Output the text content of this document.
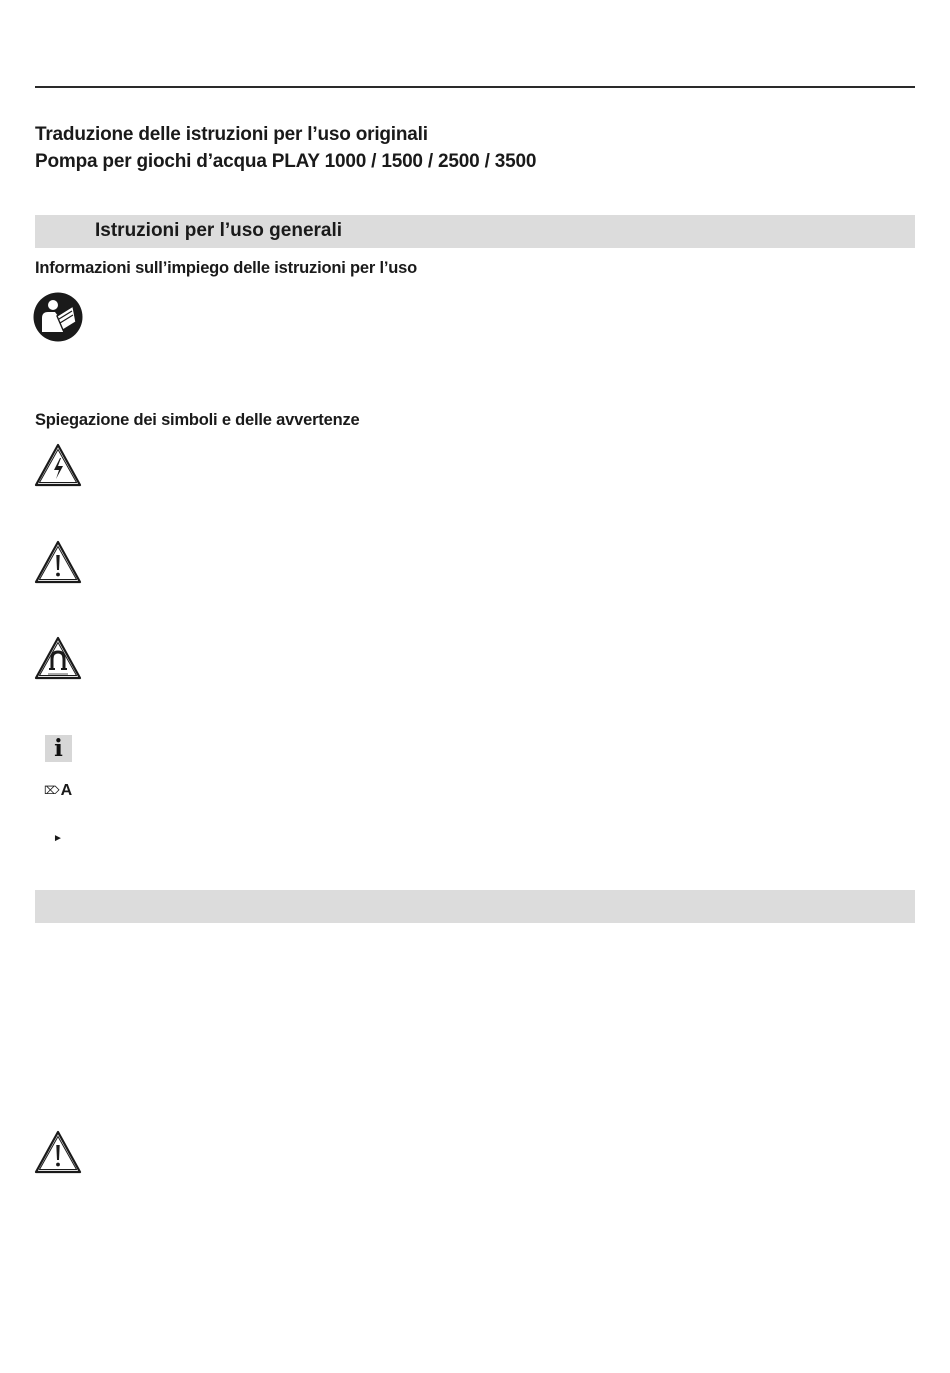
Traduzione delle istruzioni per l’uso originali
Pompa per giochi d’acqua PLAY 1000 / 1500 / 2500 / 3500
Istruzioni per l’uso generali
Informazioni sull’impiego delle istruzioni per l’uso
Spiegazione dei simboli e delle avvertenze
i
⌦A
►
